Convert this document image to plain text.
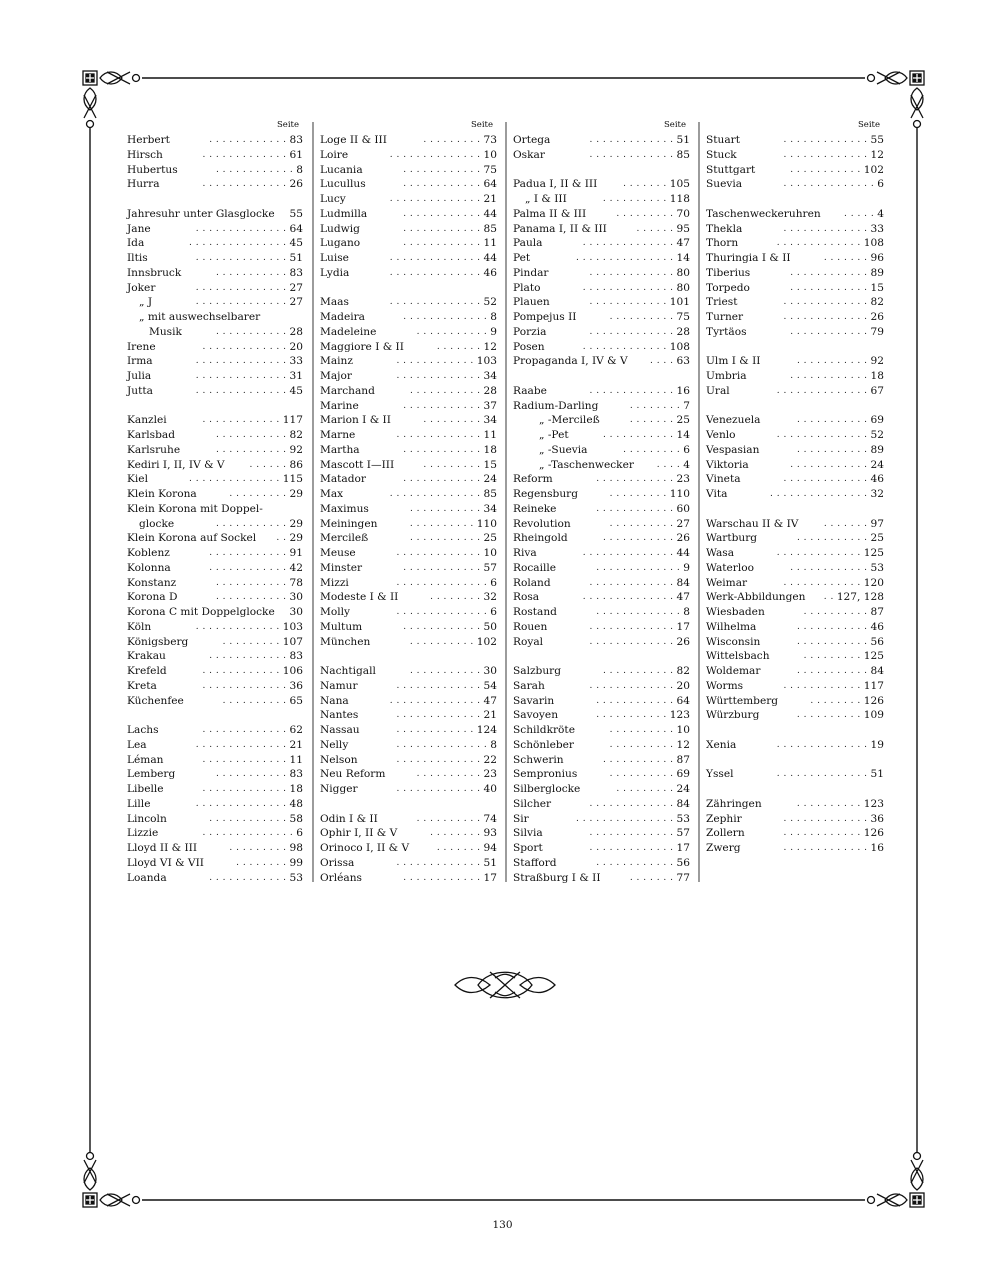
Seite
Herbert	. . . . . . . . . . . . 83
Hirsch	. . . . . . . . . . . . . 61
Hubertus	. . . . . . . . . . . . 8
Hurra	. . . . . . . . . . . . . 26
Jahresuhr unter Glasglocke 55
Jane	. . . . . . . . . . . . . . 64
Ida	. . . . . . . . . . . . . . . 45
Iltis	. . . . . . . . . . . . . . 51
Innsbruck	. . . . . . . . . . . 83
Joker	. . . . . . . . . . . . . . 27
„ J	. . . . . . . . . . . . . . 27
„ mit auswechselbarer
Musik	. . . . . . . . . . . 28
Irene	. . . . . . . . . . . . . 20
Irma	. . . . . . . . . . . . . . 33
Julia	. . . . . . . . . . . . . . 31
Jutta	. . . . . . . . . . . . . . 45
Kanzlei	. . . . . . . . . . . . 117
Karlsbad	. . . . . . . . . . . 82
Karlsruhe	. . . . . . . . . . . 92
Kediri I, II, IV & V	. . . . . . 86
Kiel	. . . . . . . . . . . . . . 115
Klein Korona	. . . . . . . . . 29
Klein Korona mit Doppel-
glocke	. . . . . . . . . . . 29
Klein Korona auf Sockel . . 29
Koblenz	. . . . . . . . . . . . 91
Kolonna	. . . . . . . . . . . . 42
Konstanz	. . . . . . . . . . . 78
Korona D	. . . . . . . . . . . 30
Korona C mit Doppelglocke 30
Köln	. . . . . . . . . . . . . 103
Königsberg	. . . . . . . . . 107
Krakau	. . . . . . . . . . . . 83
Krefeld	. . . . . . . . . . . . 106
Kreta	. . . . . . . . . . . . . 36
Küchenfee	. . . . . . . . . . 65
Lachs	. . . . . . . . . . . . . 62
Lea	. . . . . . . . . . . . . . 21
Léman	. . . . . . . . . . . . . 11
Lemberg	. . . . . . . . . . . 83
Libelle	. . . . . . . . . . . . . 18
Lille	. . . . . . . . . . . . . . 48
Lincoln	. . . . . . . . . . . . 58
Lizzie	. . . . . . . . . . . . . . 6
Lloyd II & III	. . . . . . . . . 98
Lloyd VI & VII	. . . . . . . . 99
Loanda	. . . . . . . . . . . . 53
Seite
Loge II & III	. . . . . . . . . 73
Loire	. . . . . . . . . . . . . . 10
Lucania	. . . . . . . . . . . . 75
Lucullus	. . . . . . . . . . . . 64
Lucy	. . . . . . . . . . . . . . 21
Ludmilla	. . . . . . . . . . . . 44
Ludwig	. . . . . . . . . . . . 85
Lugano	. . . . . . . . . . . . 11
Luise	. . . . . . . . . . . . . . 44
Lydia	. . . . . . . . . . . . . . 46
Maas	. . . . . . . . . . . . . . 52
Madeira	. . . . . . . . . . . . . 8
Madeleine	. . . . . . . . . . . 9
Maggiore I & II	. . . . . . . 12
Mainz	. . . . . . . . . . . . 103
Major	. . . . . . . . . . . . . 34
Marchand	. . . . . . . . . . . 28
Marine	. . . . . . . . . . . . 37
Marion I & II	. . . . . . . . . 34
Marne	. . . . . . . . . . . . . 11
Martha	. . . . . . . . . . . . 18
Mascott I—III	. . . . . . . . . 15
Matador	. . . . . . . . . . . . 24
Max	. . . . . . . . . . . . . . 85
Maximus	. . . . . . . . . . . 34
Meiningen	. . . . . . . . . . 110
Mercileß	. . . . . . . . . . . 25
Meuse	. . . . . . . . . . . . . 10
Minster	. . . . . . . . . . . . 57
Mizzi	. . . . . . . . . . . . . . 6
Modeste I & II	. . . . . . . . 32
Molly	. . . . . . . . . . . . . . 6
Multum	. . . . . . . . . . . . 50
München	. . . . . . . . . . 102
Nachtigall	. . . . . . . . . . . 30
Namur	. . . . . . . . . . . . . 54
Nana	. . . . . . . . . . . . . . 47
Nantes	. . . . . . . . . . . . . 21
Nassau	. . . . . . . . . . . . 124
Nelly	. . . . . . . . . . . . . . 8
Nelson	. . . . . . . . . . . . . 22
Neu Reform	. . . . . . . . . . 23
Nigger	. . . . . . . . . . . . . 40
Odin I & II	. . . . . . . . . . 74
Ophir I, II & V	. . . . . . . . 93
Orinoco I, II & V	. . . . . . . 94
Orissa	. . . . . . . . . . . . . 51
Orléans	. . . . . . . . . . . . 17
Seite
Ortega	. . . . . . . . . . . . . 51
Oskar	. . . . . . . . . . . . . 85
Padua I, II & III	. . . . . . . 105
„ I & III	. . . . . . . . . . 118
Palma II & III	. . . . . . . . . 70
Panama I, II & III	. . . . . . 95
Paula	. . . . . . . . . . . . . . 47
Pet	. . . . . . . . . . . . . . . 14
Pindar	. . . . . . . . . . . . . 80
Plato	. . . . . . . . . . . . . . 80
Plauen	. . . . . . . . . . . . 101
Pompejus II	. . . . . . . . . . 75
Porzia	. . . . . . . . . . . . . 28
Posen	. . . . . . . . . . . . . 108
Propaganda I, IV & V . . . . 63
Raabe	. . . . . . . . . . . . . 16
Radium-Darling	. . . . . . . . 7
„ -Mercileß	. . . . . . . 25
„ -Pet	. . . . . . . . . . . 14
„ -Suevia	. . . . . . . . . 6
„ -Taschenwecker	. . . . 4
Reform	. . . . . . . . . . . . 23
Regensburg	. . . . . . . . . 110
Reineke	. . . . . . . . . . . . 60
Revolution	. . . . . . . . . . 27
Rheingold	. . . . . . . . . . . 26
Riva	. . . . . . . . . . . . . . 44
Rocaille	. . . . . . . . . . . . . 9
Roland	. . . . . . . . . . . . . 84
Rosa	. . . . . . . . . . . . . . 47
Rostand	. . . . . . . . . . . . . 8
Rouen	. . . . . . . . . . . . . 17
Royal	. . . . . . . . . . . . . 26
Salzburg	. . . . . . . . . . . 82
Sarah	. . . . . . . . . . . . . 20
Savarin	. . . . . . . . . . . . 64
Savoyen	. . . . . . . . . . . 123
Schildkröte	. . . . . . . . . . 10
Schönleber	. . . . . . . . . . 12
Schwerin	. . . . . . . . . . . 87
Sempronius	. . . . . . . . . . 69
Silberglocke	. . . . . . . . . 24
Silcher	. . . . . . . . . . . . . 84
Sir	. . . . . . . . . . . . . . . 53
Silvia	. . . . . . . . . . . . . 57
Sport	. . . . . . . . . . . . . 17
Stafford	. . . . . . . . . . . . 56
Straßburg I & II	. . . . . . . 77
Seite
Stuart	. . . . . . . . . . . . . 55
Stuck	. . . . . . . . . . . . . 12
Stuttgart	. . . . . . . . . . . 102
Suevia	. . . . . . . . . . . . . . 6
Taschenweckeruhren	. . . . . 4
Thekla	. . . . . . . . . . . . . 33
Thorn	. . . . . . . . . . . . . 108
Thuringia I & II	. . . . . . . 96
Tiberius	. . . . . . . . . . . . 89
Torpedo	. . . . . . . . . . . . 15
Triest	. . . . . . . . . . . . . 82
Turner	. . . . . . . . . . . . . 26
Tyrtäos	. . . . . . . . . . . . 79
Ulm I & II	. . . . . . . . . . . 92
Umbria	. . . . . . . . . . . . 18
Ural	. . . . . . . . . . . . . . 67
Venezuela	. . . . . . . . . . . 69
Venlo	. . . . . . . . . . . . . . 52
Vespasian	. . . . . . . . . . . 89
Viktoria	. . . . . . . . . . . . 24
Vineta	. . . . . . . . . . . . . 46
Vita	. . . . . . . . . . . . . . . 32
Warschau II & IV	. . . . . . . 97
Wartburg	. . . . . . . . . . . 25
Wasa	. . . . . . . . . . . . . 125
Waterloo	. . . . . . . . . . . . 53
Weimar	. . . . . . . . . . . . 120
Werk-Abbildungen . . 127, 128
Wiesbaden	. . . . . . . . . . 87
Wilhelma	. . . . . . . . . . . 46
Wisconsin	. . . . . . . . . . . 56
Wittelsbach	. . . . . . . . . 125
Woldemar	. . . . . . . . . . . 84
Worms	. . . . . . . . . . . . 117
Württemberg	. . . . . . . . 126
Würzburg	. . . . . . . . . . 109
Xenia	. . . . . . . . . . . . . . 19
Yssel	. . . . . . . . . . . . . . 51
Zähringen	. . . . . . . . . . 123
Zephir	. . . . . . . . . . . . . 36
Zollern	. . . . . . . . . . . . 126
Zwerg	. . . . . . . . . . . . . 16
130
